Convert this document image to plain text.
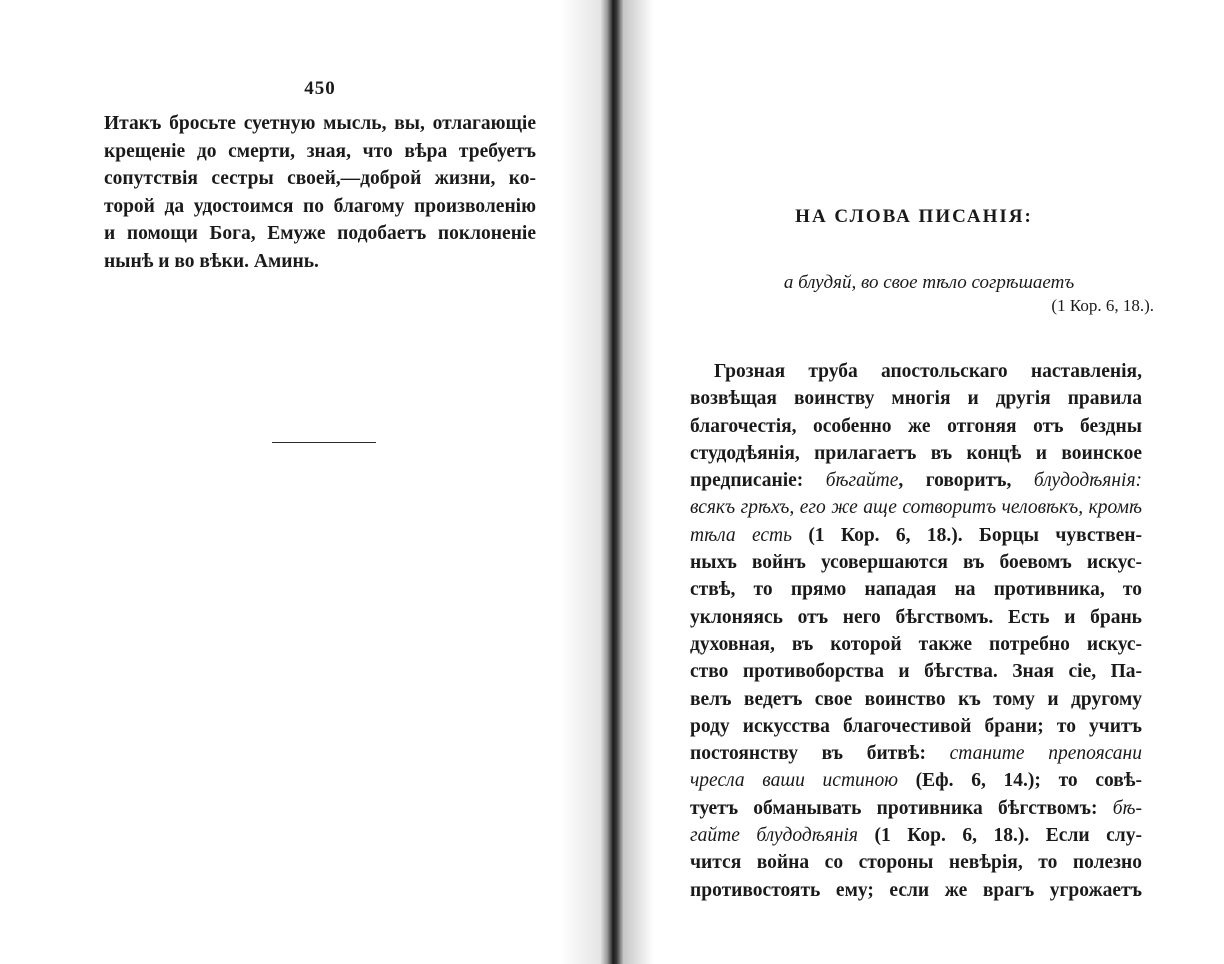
450
Итакъ бросьте суетную мысль, вы, отлагающіе
крещеніе до смерти, зная, что вѣра требуетъ
сопутствія сестры своей,—доброй жизни, ко-
торой да удостоимся по благому произволенію
и помощи Бога, Емуже подобаетъ поклоненіе
нынѣ и во вѣки. Аминь.
НА СЛОВА ПИСАНІЯ:
а блудяй, во свое тѣло согрѣшаетъ
(1 Кор. 6, 18.).
Грозная труба апостольскаго наставленія,
возвѣщая воинству многія и другія правила
благочестія, особенно же отгоняя отъ бездны
студодѣянія, прилагаетъ въ концѣ и воинское
предписаніе: бѣгайте, говоритъ, блудодѣянія:
всякъ грѣхъ, его же аще сотворитъ человѣкъ, кромѣ
тѣла есть (1 Кор. 6, 18.). Борцы чувствен-
ныхъ войнъ усовершаются въ боевомъ искус-
ствѣ, то прямо нападая на противника, то
уклоняясь отъ него бѣгствомъ. Есть и брань
духовная, въ которой также потребно искус-
ство противоборства и бѣгства. Зная сіе, Па-
велъ ведетъ свое воинство къ тому и другому
роду искусства благочестивой брани; то учитъ
постоянству въ битвѣ: станите препоясани
чресла ваши истиною (Еф. 6, 14.); то совѣ-
туетъ обманывать противника бѣгствомъ: бѣ-
гайте блудодѣянія (1 Кор. 6, 18.). Если слу-
чится война со стороны невѣрія, то полезно
противостоять ему; если же врагъ угрожаетъ
